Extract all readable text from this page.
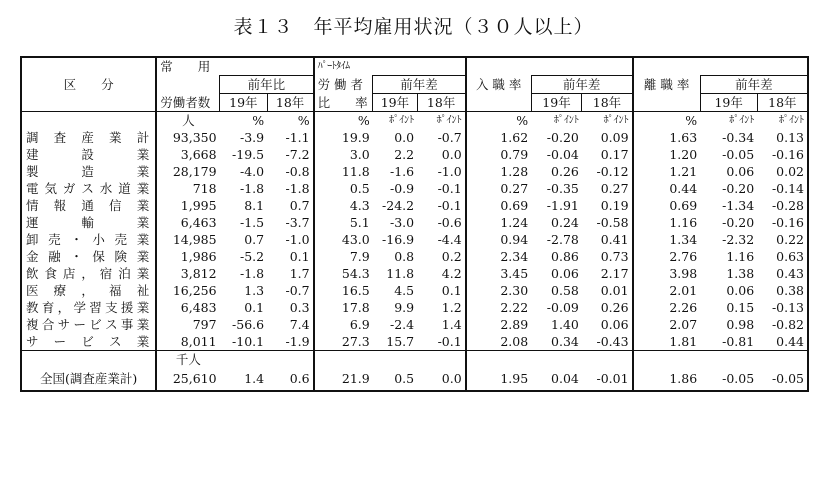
表１３　年平均雇用状況（３０人以上）
区　　分	常　　用			ﾊﾟｰﾄﾀｲﾑ								
		前年比		労 働 者	前年差		入 職 率	前年差		離 職 率	前年差	
	労働者数	19年	18年	比　　率	19年	18年		19年	18年		19年	18年
	人	%	%	%	ﾎﾟｲﾝﾄ	ﾎﾟｲﾝﾄ	%	ﾎﾟｲﾝﾄ	ﾎﾟｲﾝﾄ	%	ﾎﾟｲﾝﾄ	ﾎﾟｲﾝﾄ
調査産業計	93,350	-3.9	-1.1	19.9	0.0	-0.7	1.62	-0.20	0.09	1.63	-0.34	0.13
建設業	3,668	-19.5	-7.2	3.0	2.2	0.0	0.79	-0.04	0.17	1.20	-0.05	-0.16
製造業	28,179	-4.0	-0.8	11.8	-1.6	-1.0	1.28	0.26	-0.12	1.21	0.06	0.02
電気ガス水道業	718	-1.8	-1.8	0.5	-0.9	-0.1	0.27	-0.35	0.27	0.44	-0.20	-0.14
情報通信業	1,995	8.1	0.7	4.3	-24.2	-0.1	0.69	-1.91	0.19	0.69	-1.34	-0.28
運輸業	6,463	-1.5	-3.7	5.1	-3.0	-0.6	1.24	0.24	-0.58	1.16	-0.20	-0.16
卸売・小売業	14,985	0.7	-1.0	43.0	-16.9	-4.4	0.94	-2.78	0.41	1.34	-2.32	0.22
金融・保険業	1,986	-5.2	0.1	7.9	0.8	0.2	2.34	0.86	0.73	2.76	1.16	0.63
飲食店，宿泊業	3,812	-1.8	1.7	54.3	11.8	4.2	3.45	0.06	2.17	3.98	1.38	0.43
医療，福祉	16,256	1.3	-0.7	16.5	4.5	0.1	2.30	0.58	0.01	2.01	0.06	0.38
教育，学習支援業	6,483	0.1	0.3	17.8	9.9	1.2	2.22	-0.09	0.26	2.26	0.15	-0.13
複合サービス事業	797	-56.6	7.4	6.9	-2.4	1.4	2.89	1.40	0.06	2.07	0.98	-0.82
サービス業	8,011	-10.1	-1.9	27.3	15.7	-0.1	2.08	0.34	-0.43	1.81	-0.81	0.44
	千人											
全国(調査産業計)	25,610	1.4	0.6	21.9	0.5	0.0	1.95	0.04	-0.01	1.86	-0.05	-0.05
